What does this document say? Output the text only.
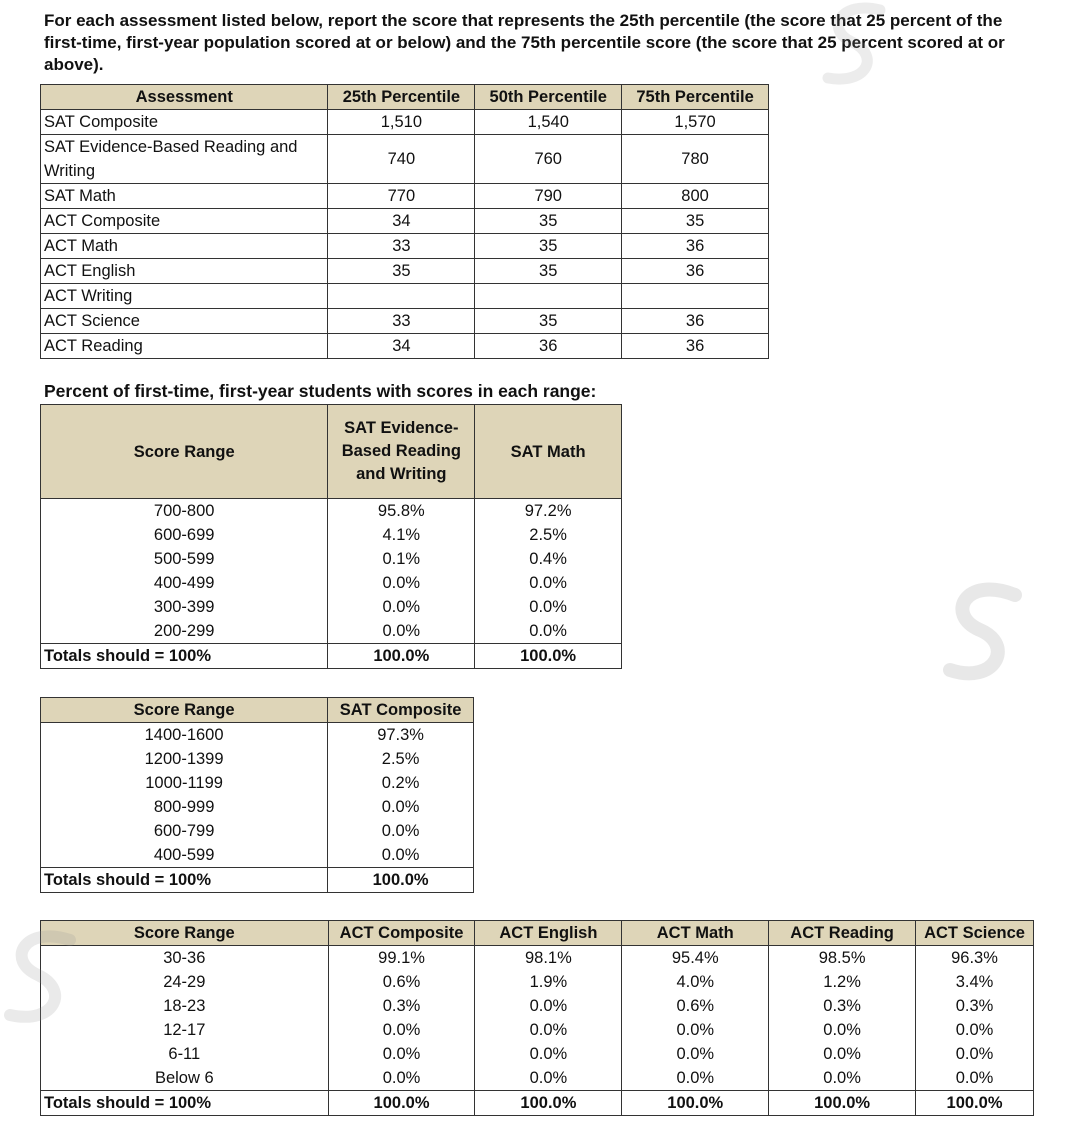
For each assessment listed below, report the score that represents the 25th percentile (the score that 25 percent of the first-time, first-year population scored at or below) and the 75th percentile score (the score that 25 percent scored at or above).
Assessment	25th Percentile	50th Percentile	75th Percentile
SAT Composite	1,510	1,540	1,570
SAT Evidence-Based Reading and Writing	740	760	780
SAT Math	770	790	800
ACT Composite	34	35	35
ACT Math	33	35	36
ACT English	35	35	36
ACT Writing			
ACT Science	33	35	36
ACT Reading	34	36	36
Percent of first-time, first-year students with scores in each range:
Score Range	SAT Evidence-Based Reading and Writing	SAT Math
700-800	95.8%	97.2%
600-699	4.1%	2.5%
500-599	0.1%	0.4%
400-499	0.0%	0.0%
300-399	0.0%	0.0%
200-299	0.0%	0.0%
Totals should = 100%	100.0%	100.0%
Score Range	SAT Composite
1400-1600	97.3%
1200-1399	2.5%
1000-1199	0.2%
800-999	0.0%
600-799	0.0%
400-599	0.0%
Totals should = 100%	100.0%
Score Range	ACT Composite	ACT English	ACT Math	ACT Reading	ACT Science
30-36	99.1%	98.1%	95.4%	98.5%	96.3%
24-29	0.6%	1.9%	4.0%	1.2%	3.4%
18-23	0.3%	0.0%	0.6%	0.3%	0.3%
12-17	0.0%	0.0%	0.0%	0.0%	0.0%
6-11	0.0%	0.0%	0.0%	0.0%	0.0%
Below 6	0.0%	0.0%	0.0%	0.0%	0.0%
Totals should = 100%	100.0%	100.0%	100.0%	100.0%	100.0%
